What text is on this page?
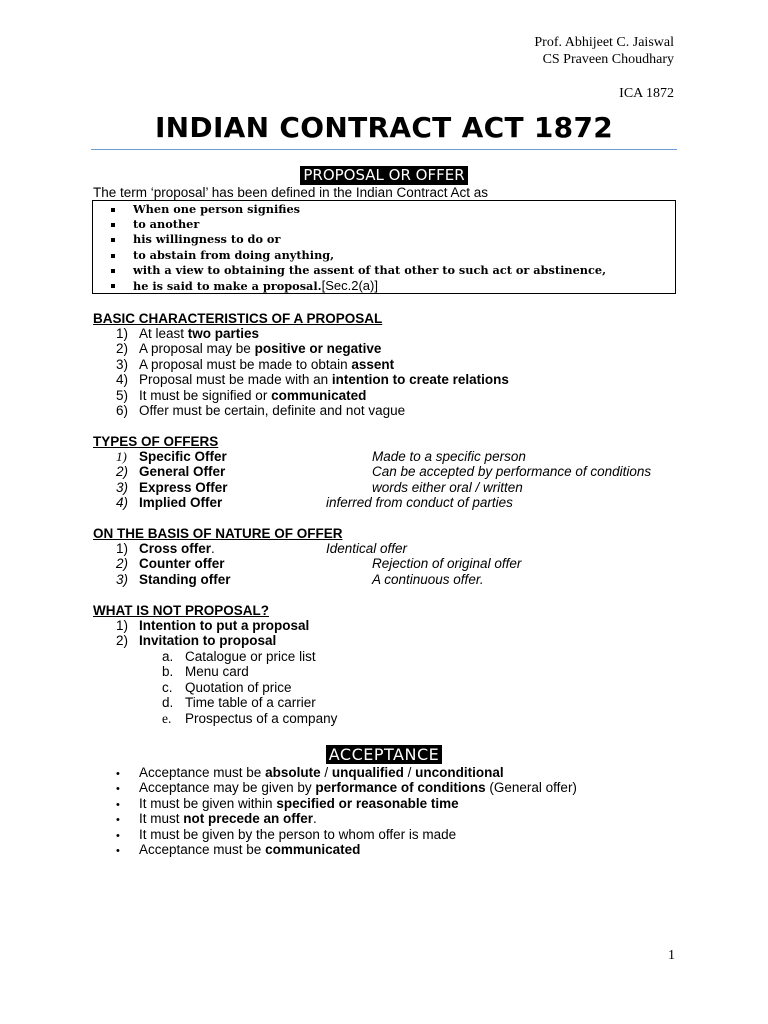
Prof. Abhijeet C. Jaiswal
CS Praveen Choudhary
ICA 1872
INDIAN CONTRACT ACT 1872
PROPOSAL OR OFFER
The term ‘proposal’ has been defined in the Indian Contract Act as
When one person signifies
to another
his willingness to do or
to abstain from doing anything,
with a view to obtaining the assent of that other to such act or abstinence,
he is said to make a proposal.[Sec.2(a)]
BASIC CHARACTERISTICS OF A PROPOSAL
1) At least two parties
2) A proposal may be positive or negative
3) A proposal must be made to obtain assent
4) Proposal must be made with an intention to create relations
5) It must be signified or communicated
6) Offer must be certain, definite and not vague
TYPES OF OFFERS
1) Specific Offer	Made to a specific person
2) General Offer	Can be accepted by performance of conditions
3) Express Offer	words either oral / written
4) Implied Offer	inferred from conduct of parties
ON THE BASIS OF NATURE OF OFFER
1) Cross offer.	Identical offer
2) Counter offer	Rejection of original offer
3) Standing offer	A continuous offer.
WHAT IS NOT PROPOSAL?
1) Intention to put a proposal
2) Invitation to proposal
a. Catalogue or price list
b. Menu card
c. Quotation of price
d. Time table of a carrier
e. Prospectus of a company
ACCEPTANCE
• Acceptance must be absolute / unqualified / unconditional
• Acceptance may be given by performance of conditions (General offer)
• It must be given within specified or reasonable time
• It must not precede an offer.
• It must be given by the person to whom offer is made
• Acceptance must be communicated
1
